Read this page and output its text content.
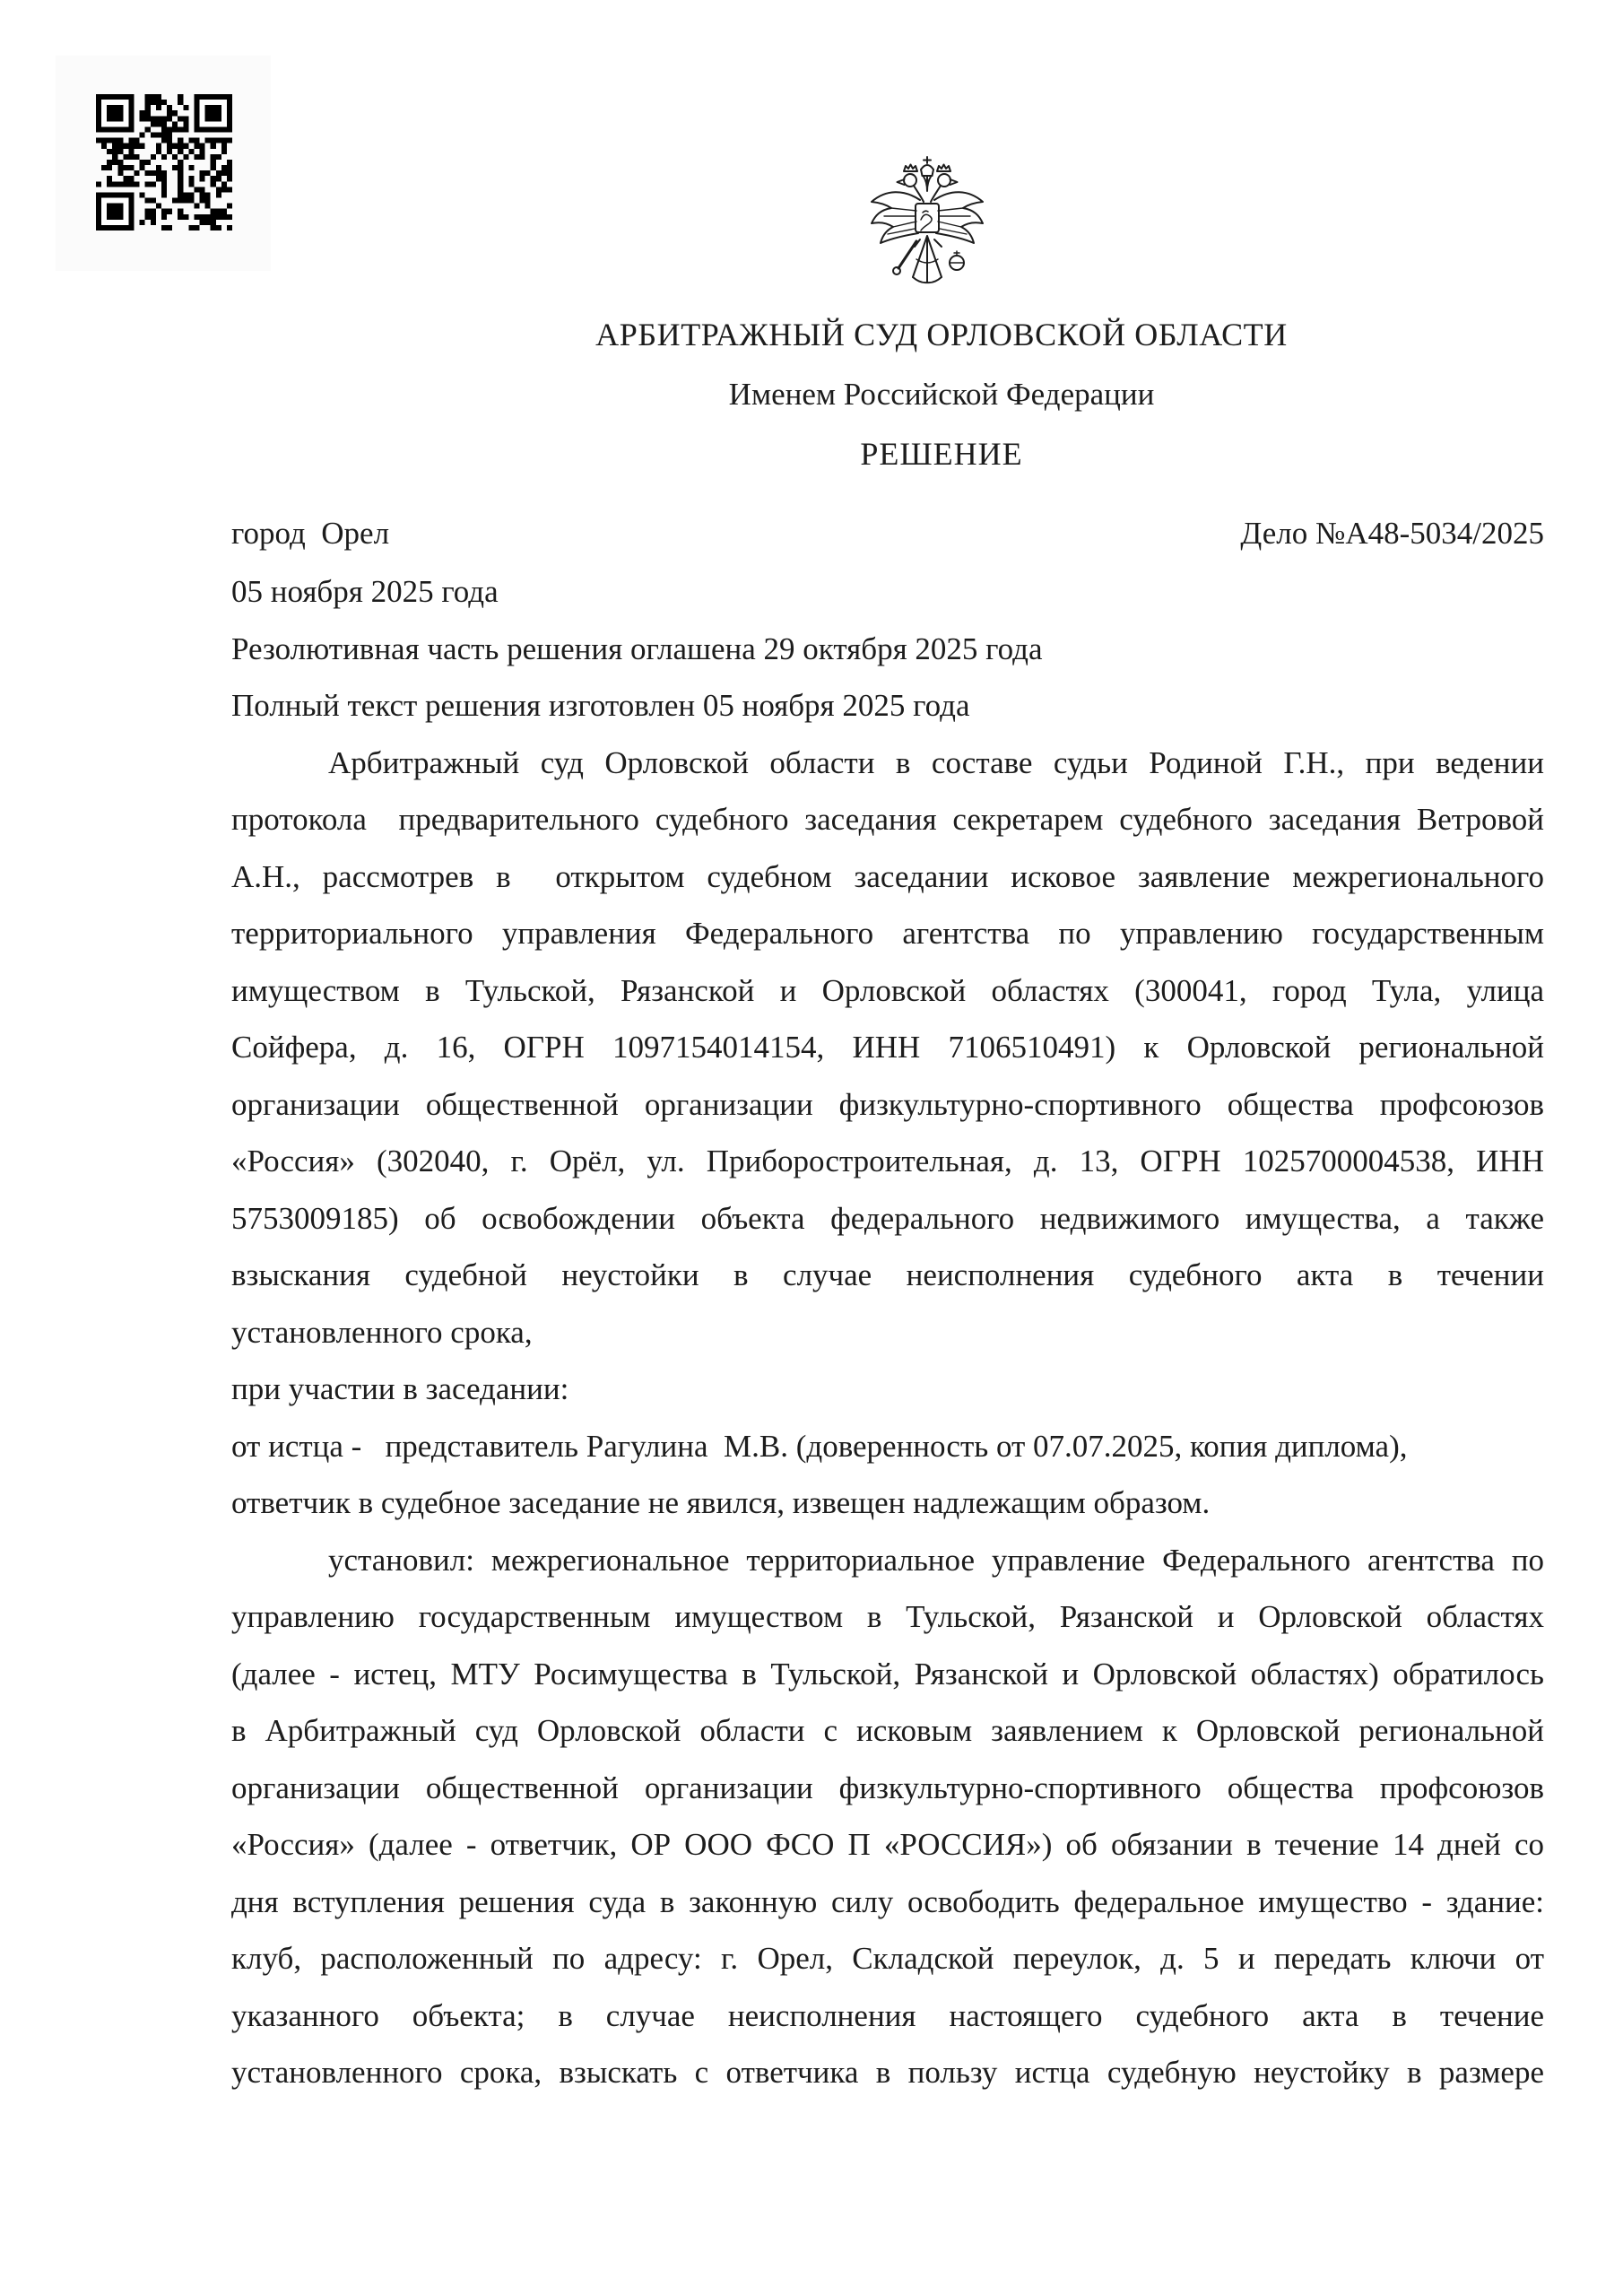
АРБИТРАЖНЫЙ СУД ОРЛОВСКОЙ ОБЛАСТИ
Именем Российской Федерации
РЕШЕНИЕ
город  Орел	Дело №А48-5034/2025
05 ноября 2025 года
Резолютивная часть решения оглашена 29 октября 2025 года
Полный текст решения изготовлен 05 ноября 2025 года
Арбитражный суд Орловской области в составе судьи Родиной Г.Н., при ведении
протокола  предварительного судебного заседания секретарем судебного заседания Ветровой
А.Н., рассмотрев в  открытом судебном заседании исковое заявление межрегионального
территориального управления Федерального агентства по управлению государственным
имуществом в Тульской, Рязанской и Орловской областях (300041, город Тула, улица
Сойфера, д. 16, ОГРН 1097154014154, ИНН 7106510491) к Орловской региональной
организации общественной организации физкультурно-спортивного общества профсоюзов
«Россия» (302040, г. Орёл, ул. Приборостроительная, д. 13, ОГРН 1025700004538, ИНН
5753009185) об освобождении объекта федерального недвижимого имущества, а также
взыскания судебной неустойки в случае неисполнения судебного акта в течении
установленного срока,
при участии в заседании:
от истца -   представитель Рагулина  М.В. (доверенность от 07.07.2025, копия диплома),
ответчик в судебное заседание не явился, извещен надлежащим образом.
установил: межрегиональное территориальное управление Федерального агентства по
управлению государственным имуществом в Тульской, Рязанской и Орловской областях
(далее - истец, МТУ Росимущества в Тульской, Рязанской и Орловской областях) обратилось
в Арбитражный суд Орловской области с исковым заявлением к Орловской региональной
организации общественной организации физкультурно-спортивного общества профсоюзов
«Россия» (далее - ответчик, ОР ООО ФСО П «РОССИЯ») об обязании в течение 14 дней со
дня вступления решения суда в законную силу освободить федеральное имущество - здание:
клуб, расположенный по адресу: г. Орел, Складской переулок, д. 5 и передать ключи от
указанного объекта; в случае неисполнения настоящего судебного акта в течение
установленного срока, взыскать с ответчика в пользу истца судебную неустойку в размере
